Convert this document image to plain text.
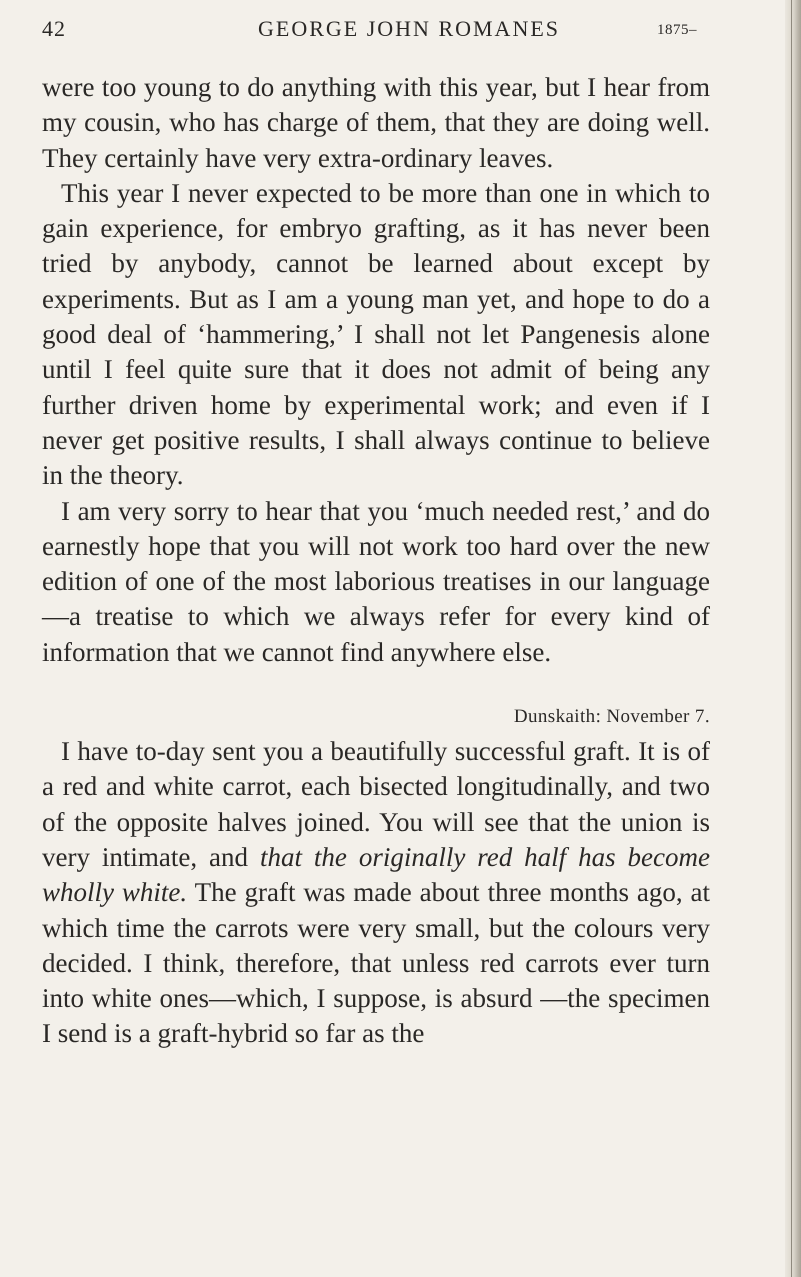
42	GEORGE JOHN ROMANES	1875–

were too young to do anything with this year, but I hear from my cousin, who has charge of them, that they are doing well. They certainly have very extra-ordinary leaves.

This year I never expected to be more than one in which to gain experience, for embryo grafting, as it has never been tried by anybody, cannot be learned about except by experiments. But as I am a young man yet, and hope to do a good deal of ‘hammering,’ I shall not let Pangenesis alone until I feel quite sure that it does not admit of being any further driven home by experimental work; and even if I never get positive results, I shall always continue to believe in the theory.

I am very sorry to hear that you ‘much needed rest,’ and do earnestly hope that you will not work too hard over the new edition of one of the most laborious treatises in our language—a treatise to which we always refer for every kind of information that we cannot find anywhere else.

Dunskaith: November 7.

I have to-day sent you a beautifully successful graft. It is of a red and white carrot, each bisected longitudinally, and two of the opposite halves joined. You will see that the union is very intimate, and that the originally red half has become wholly white. The graft was made about three months ago, at which time the carrots were very small, but the colours very decided. I think, therefore, that unless red carrots ever turn into white ones—which, I suppose, is absurd —the specimen I send is a graft-hybrid so far as the
